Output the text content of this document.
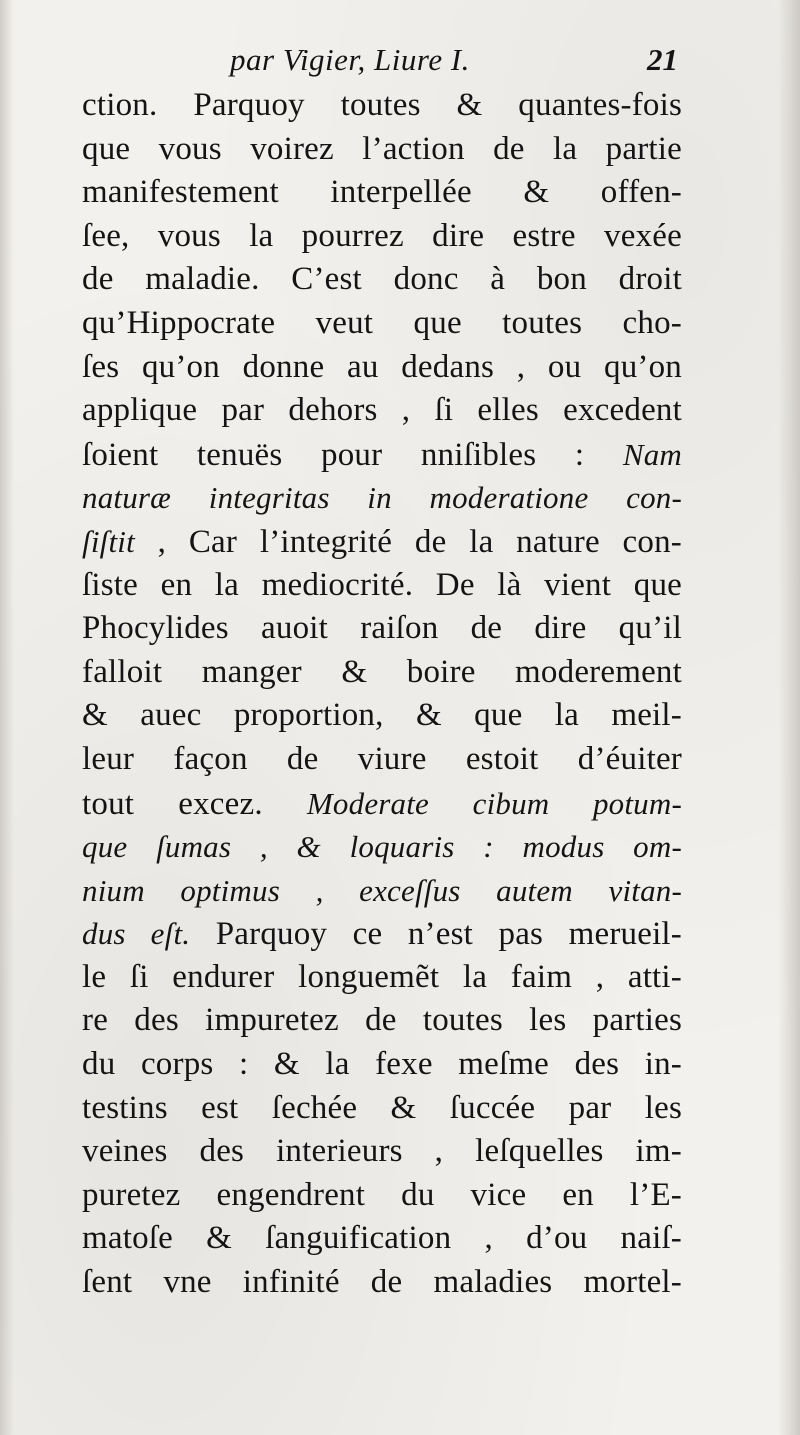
par Vigier, Liure I.	21
ction. Parquoy toutes & quantes-fois
que vous voirez l’action de la partie
manifestement interpellée & offen-
ſee, vous la pourrez dire estre vexée
de maladie. C’est donc à bon droit
qu’Hippocrate veut que toutes cho-
ſes qu’on donne au dedans , ou qu’on
applique par dehors , ſi elles excedent
ſoient tenuës pour nniſibles : Nam
naturæ integritas in moderatione con-
ſiſtit , Car l’integrité de la nature con-
ſiste en la mediocrité. De là vient que
Phocylides auoit raiſon de dire qu’il
falloit manger & boire moderement
& auec proportion, & que la meil-
leur façon de viure estoit d’éuiter
tout excez. Moderate cibum potum-
que ſumas , & loquaris : modus om-
nium optimus , exceſſus autem vitan-
dus eſt. Parquoy ce n’est pas merueil-
le ſi endurer longuemẽt la faim , atti-
re des impuretez de toutes les parties
du corps : & la fexe meſme des in-
testins est ſechée & ſuccée par les
veines des interieurs , leſquelles im-
puretez engendrent du vice en l’E-
matoſe & ſanguification , d’ou naiſ-
ſent vne infinité de maladies mortel-
